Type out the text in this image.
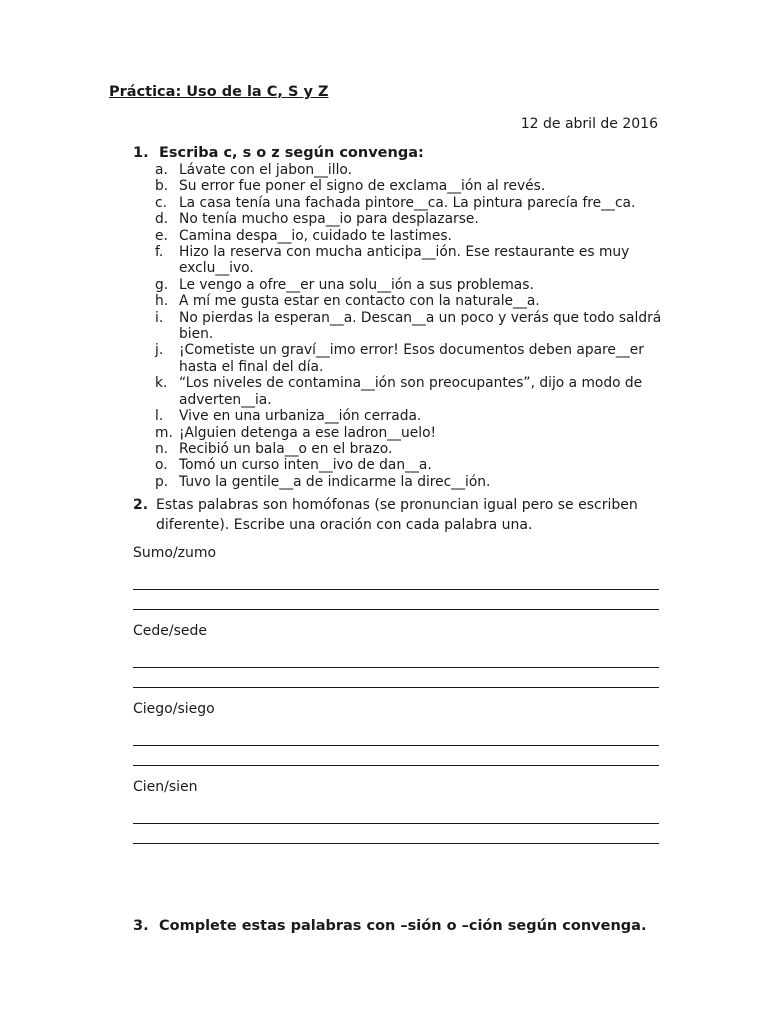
Práctica: Uso de la C, S y Z
12 de abril de 2016
1. Escriba c, s o z según convenga:
a. Lávate con el jabon__illo.
b. Su error fue poner el signo de exclama__ión al revés.
c. La casa tenía una fachada pintore__ca. La pintura parecía fre__ca.
d. No tenía mucho espa__io para desplazarse.
e. Camina despa__io, cuidado te lastimes.
f. Hizo la reserva con mucha anticipa__ión. Ese restaurante es muy exclu__ivo.
g. Le vengo a ofre__er una solu__ión a sus problemas.
h. A mí me gusta estar en contacto con la naturale__a.
i. No pierdas la esperan__a. Descan__a un poco y verás que todo saldrá bien.
j. ¡Cometiste un graví__imo error! Esos documentos deben apare__er hasta el final del día.
k. “Los niveles de contamina__ión son preocupantes”, dijo a modo de adverten__ia.
l. Vive en una urbaniza__ión cerrada.
m. ¡Alguien detenga a ese ladron__uelo!
n. Recibió un bala__o en el brazo.
o. Tomó un curso inten__ivo de dan__a.
p. Tuvo la gentile__a de indicarme la direc__ión.
2. Estas palabras son homófonas (se pronuncian igual pero se escriben diferente). Escribe una oración con cada palabra una.
Sumo/zumo
Cede/sede
Ciego/siego
Cien/sien
3. Complete estas palabras con –sión o –ción según convenga.
